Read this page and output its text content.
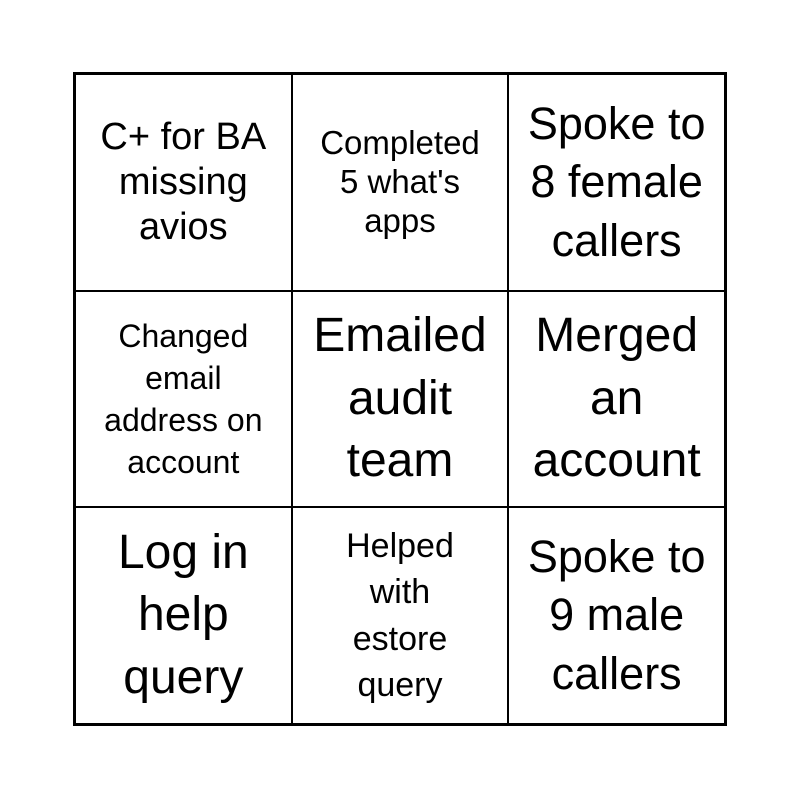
C+ for BA
missing
avios
Completed
5 what's
apps
Spoke to
8 female
callers
Changed
email
address on
account
Emailed
audit
team
Merged
an
account
Log in
help
query
Helped
with
estore
query
Spoke to
9 male
callers
